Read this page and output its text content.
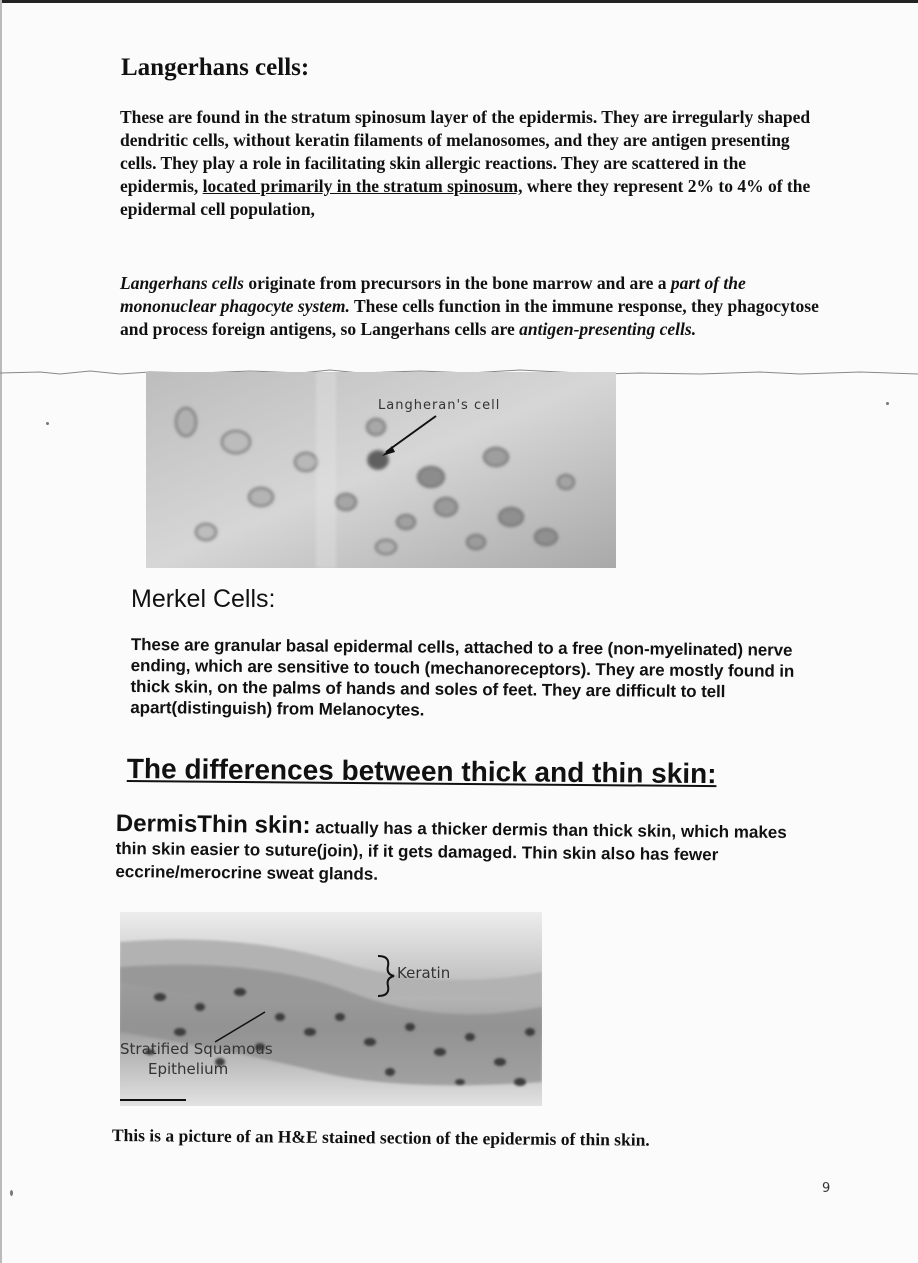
Langerhans cells:
These are found in the stratum spinosum layer of the epidermis. They are irregularly shaped dendritic cells, without keratin filaments of melanosomes, and they are antigen presenting cells. They play a role in facilitating skin allergic reactions. They are scattered in the epidermis, located primarily in the stratum spinosum, where they represent 2% to 4% of the epidermal cell population,
Langerhans cells originate from precursors in the bone marrow and are a part of the mononuclear phagocyte system. These cells function in the immune response, they phagocytose and process foreign antigens, so Langerhans cells are antigen-presenting cells.
Langheran's cell
Merkel Cells:
These are granular basal epidermal cells, attached to a free (non-myelinated) nerve ending, which are sensitive to touch (mechanoreceptors). They are mostly found in thick skin, on the palms of hands and soles of feet. They are difficult to tell apart(distinguish) from Melanocytes.
The differences between thick and thin skin:
DermisThin skin: actually has a thicker dermis than thick skin, which makes thin skin easier to suture(join), if it gets damaged. Thin skin also has fewer eccrine/merocrine sweat glands.
Keratin
Stratified Squamous
Epithelium
This is a picture of an H&E stained section of the epidermis of thin skin.
9
